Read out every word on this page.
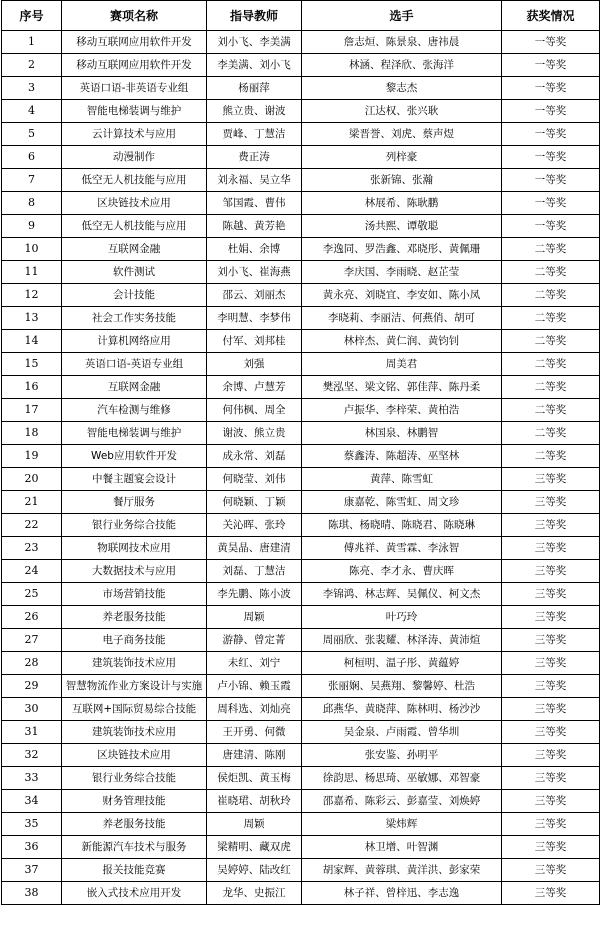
序号	赛项名称	指导教师	选手	获奖情况
1	移动互联网应用软件开发	刘小飞、李美满	詹志烜、陈景泉、唐祎晨	一等奖
2	移动互联网应用软件开发	李美满、刘小飞	林涵、程泽欣、张海洋	一等奖
3	英语口语-非英语专业组	杨丽萍	黎志杰	一等奖
4	智能电梯装调与维护	熊立贵、谢波	江达权、张兴耿	一等奖
5	云计算技术与应用	贾峰、丁慧洁	梁晋誉、刘虎、蔡声煜	一等奖
6	动漫制作	费正涛	列梓豪	一等奖
7	低空无人机技能与应用	刘永福、吴立华	张新锦、张瀚	一等奖
8	区块链技术应用	邹国霞、曹伟	林展希、陈耿鹏	一等奖
9	低空无人机技能与应用	陈越、黄芳艳	汤共熙、谭敬聪	一等奖
10	互联网金融	杜娟、余博	李逸同、罗浩鑫、邓晓彤、黄佩珊	二等奖
11	软件测试	刘小飞、崔海燕	李庆国、李雨晓、赵芷莹	二等奖
12	会计技能	邵云、刘丽杰	黄永亮、刘晓宜、李安如、陈小凤	二等奖
13	社会工作实务技能	李明慧、李梦伟	李晓莉、李丽洁、何燕俏、胡可	二等奖
14	计算机网络应用	付军、刘邦桂	林梓杰、黄仁润、黄钧钊	二等奖
15	英语口语-英语专业组	刘强	周美君	二等奖
16	互联网金融	余博、卢慧芳	樊泓坚、梁文铭、郭佳萍、陈丹柔	二等奖
17	汽车检测与维修	何伟枫、周全	卢振华、李梓荣、黄柏浩	二等奖
18	智能电梯装调与维护	谢波、熊立贵	林国泉、林鹏智	二等奖
19	Web应用软件开发	成永常、刘磊	蔡鑫涛、陈超涛、巫坚林	二等奖
20	中餐主题宴会设计	何晓莹、刘伟	黄萍、陈雪虹	三等奖
21	餐厅服务	何晓颖、丁颖	康嘉乾、陈雪虹、周文珍	三等奖
22	银行业务综合技能	关沁晖、张玲	陈琪、杨晓晴、陈晓君、陈晓琳	三等奖
23	物联网技术应用	黄昊晶、唐建清	傅兆祥、黄雪霖、李泳智	三等奖
24	大数据技术与应用	刘磊、丁慧洁	陈亮、李才永、曹庆晖	三等奖
25	市场营销技能	李先鹏、陈小波	李锦鸿、林志辉、吴佩仪、柯文杰	三等奖
26	养老服务技能	周颖	叶巧玲	三等奖
27	电子商务技能	游静、曾定菁	周丽欣、张裴耀、林泽涛、黄沛煊	三等奖
28	建筑装饰技术应用	未红、刘宁	柯桓明、温子彤、黄蕴婷	三等奖
29	智慧物流作业方案设计与实施	卢小锦、赖玉霞	张丽娴、吴燕翔、黎馨婷、杜浩	三等奖
30	互联网+国际贸易综合技能	周科选、刘灿亮	邱燕华、黄晓萍、陈林明、杨沙沙	三等奖
31	建筑装饰技术应用	王开勇、何微	吴金泉、卢雨霞、曾华圳	三等奖
32	区块链技术应用	唐建清、陈刚	张安鉴、孙明平	三等奖
33	银行业务综合技能	侯炬凯、黄玉梅	徐韵思、杨思琦、巫敏娜、邓智豪	三等奖
34	财务管理技能	崔晓珺、胡秋玲	邵嘉希、陈彩云、彭嘉莹、刘焕婷	三等奖
35	养老服务技能	周颖	梁炜辉	三等奖
36	新能源汽车技术与服务	梁精明、藏双虎	林卫增、叶智渊	三等奖
37	报关技能竞赛	吴婷婷、陆改红	胡家辉、黄蓉琪、黄洋洪、彭家荣	三等奖
38	嵌入式技术应用开发	龙华、史振江	林子祥、曾梓迅、李志逸	三等奖
